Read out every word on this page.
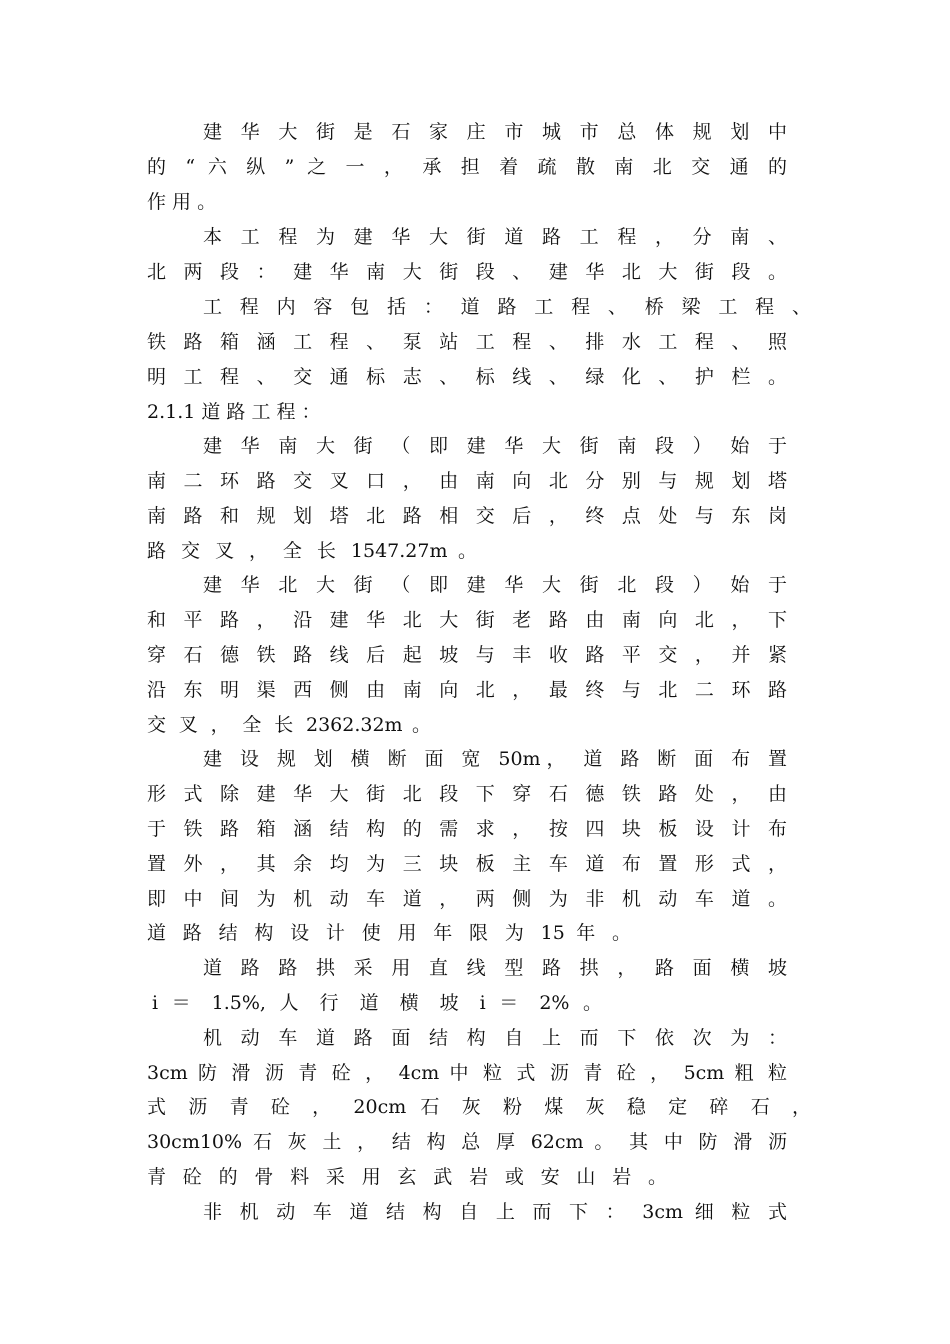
建 华 大 街 是 石 家 庄 市 城 市 总 体 规 划 中
的 “ 六 纵 ” 之 一 ， 承 担 着 疏 散 南 北 交 通 的
作 用 。
本 工 程 为 建 华 大 街 道 路 工 程 ， 分 南 、
北 两 段 ： 建 华 南 大 街 段 、 建 华 北 大 街 段 。
工 程 内 容 包 括 ： 道 路 工 程 、 桥 梁 工 程 、
铁 路 箱 涵 工 程 、 泵 站 工 程 、 排 水 工 程 、 照
明 工 程 、 交 通 标 志 、 标 线 、 绿 化 、 护 栏 。
2.1.1 道 路 工 程 ：
建 华 南 大 街 （ 即 建 华 大 街 南 段 ） 始 于
南 二 环 路 交 叉 口 ， 由 南 向 北 分 别 与 规 划 塔
南 路 和 规 划 塔 北 路 相 交 后 ， 终 点 处 与 东 岗
路 交 叉 ， 全 长 1547.27m 。
建 华 北 大 街 （ 即 建 华 大 街 北 段 ） 始 于
和 平 路 ， 沿 建 华 北 大 街 老 路 由 南 向 北 ， 下
穿 石 德 铁 路 线 后 起 坡 与 丰 收 路 平 交 ， 并 紧
沿 东 明 渠 西 侧 由 南 向 北 ， 最 终 与 北 二 环 路
交 叉 ， 全 长 2362.32m 。
建 设 规 划 横 断 面 宽 50m， 道 路 断 面 布 置
形 式 除 建 华 大 街 北 段 下 穿 石 德 铁 路 处 ， 由
于 铁 路 箱 涵 结 构 的 需 求 ， 按 四 块 板 设 计 布
置 外 ， 其 余 均 为 三 块 板 主 车 道 布 置 形 式 ，
即 中 间 为 机 动 车 道 ， 两 侧 为 非 机 动 车 道 。
道 路 结 构 设 计 使 用 年 限 为 15 年 。
道 路 路 拱 采 用 直 线 型 路 拱 ， 路 面 横 坡
i ＝ 1.5%, 人 行 道 横 坡 i ＝ 2% 。
机 动 车 道 路 面 结 构 自 上 而 下 依 次 为 ：
3cm 防 滑 沥 青 砼 ， 4cm 中 粒 式 沥 青 砼 ， 5cm 粗 粒
式 沥 青 砼 ， 20cm 石 灰 粉 煤 灰 稳 定 碎 石 ，
30cm10% 石 灰 土 ， 结 构 总 厚 62cm 。 其 中 防 滑 沥
青 砼 的 骨 料 采 用 玄 武 岩 或 安 山 岩 。
非 机 动 车 道 结 构 自 上 而 下 ： 3cm 细 粒 式
